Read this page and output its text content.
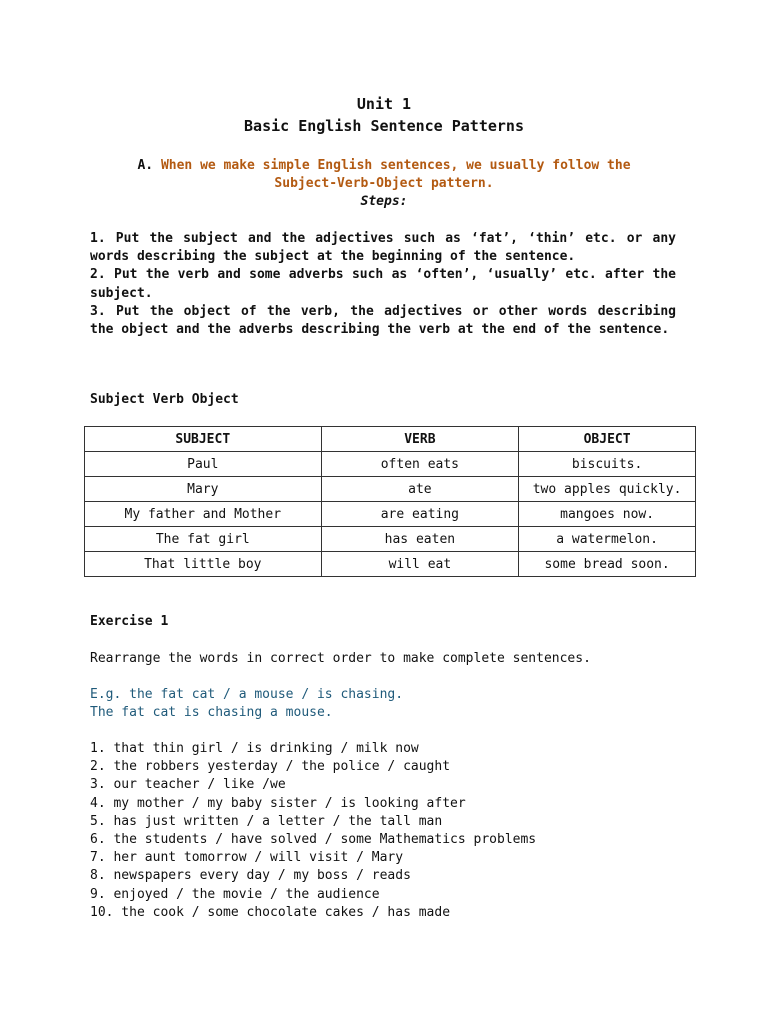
Unit 1
Basic English Sentence Patterns
A. When we make simple English sentences, we usually follow the
Subject-Verb-Object pattern.
Steps:

1. Put the subject and the adjectives such as ‘fat’, ‘thin’ etc. or any words describing the subject at the beginning of the sentence.

2. Put the verb and some adverbs such as ‘often’, ‘usually’ etc. after the subject.

3. Put the object of the verb, the adjectives or other words describing the object and the adverbs describing the verb at the end of the sentence.

Subject Verb Object
SUBJECT	VERB	OBJECT
Paul	often eats	biscuits.
Mary	ate	two apples quickly.
My father and Mother	are eating	mangoes now.
The fat girl	has eaten	a watermelon.
That little boy	will eat	some bread soon.
Exercise 1
Rearrange the words in correct order to make complete sentences.
E.g. the fat cat / a mouse / is chasing.
The fat cat is chasing a mouse.
1. that thin girl / is drinking / milk now
2. the robbers yesterday / the police / caught
3. our teacher / like /we
4. my mother / my baby sister / is looking after
5. has just written / a letter / the tall man
6. the students / have solved / some Mathematics problems
7. her aunt tomorrow / will visit / Mary
8. newspapers every day / my boss / reads
9. enjoyed / the movie / the audience
10. the cook / some chocolate cakes / has made
